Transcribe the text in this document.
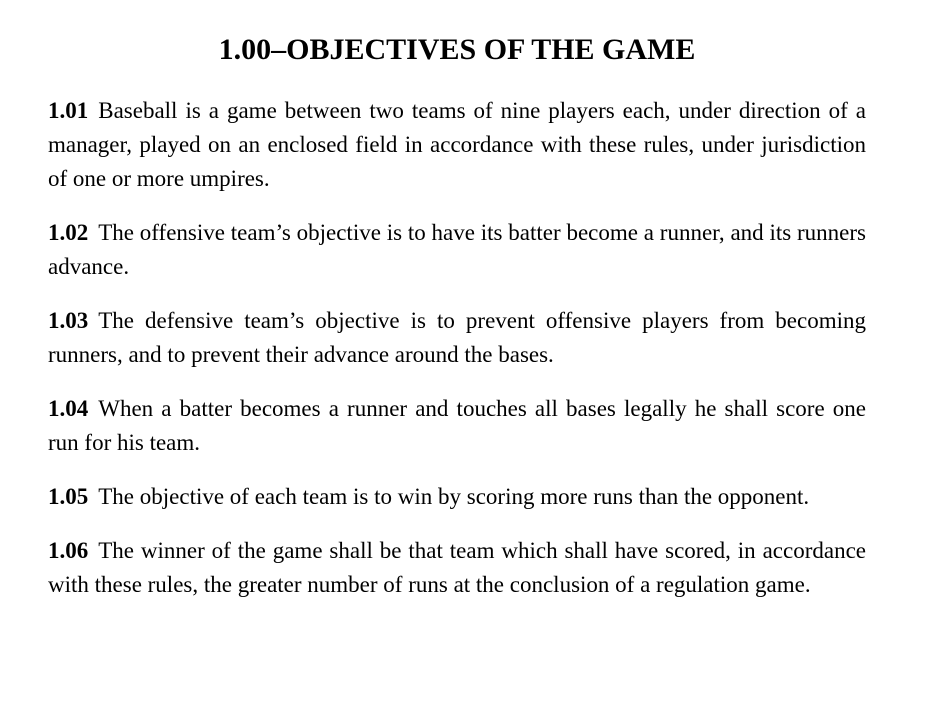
1.00–OBJECTIVES OF THE GAME

1.01 Baseball is a game between two teams of nine players each, under direction of a manager, played on an enclosed field in accordance with these rules, under jurisdiction of one or more umpires.

1.02 The offensive team’s objective is to have its batter become a runner, and its runners advance.

1.03 The defensive team’s objective is to prevent offensive players from becoming runners, and to prevent their advance around the bases.

1.04 When a batter becomes a runner and touches all bases legally he shall score one run for his team.

1.05 The objective of each team is to win by scoring more runs than the opponent.

1.06 The winner of the game shall be that team which shall have scored, in accordance with these rules, the greater number of runs at the conclusion of a regulation game.
